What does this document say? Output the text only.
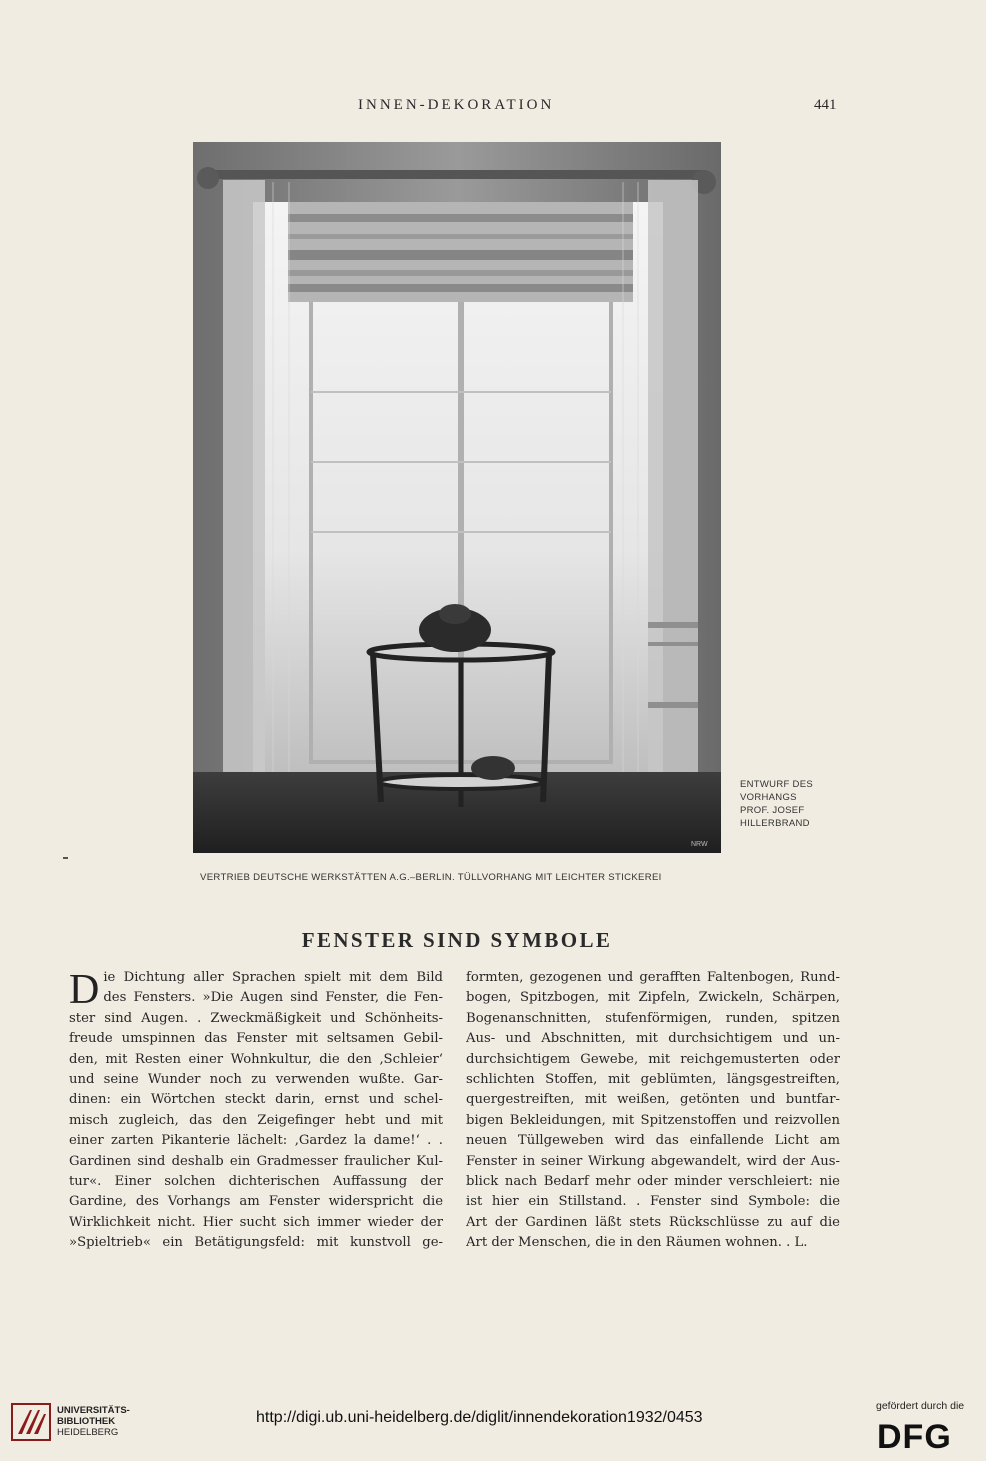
INNEN-DEKORATION	441
NRW
ENTWURF DES
VORHANGS
PROF. JOSEF
HILLERBRAND
VERTRIEB DEUTSCHE WERKSTÄTTEN A.G.–BERLIN. TÜLLVORHANG MIT LEICHTER STICKEREI
FENSTER SIND SYMBOLE
D ie Dichtung aller Sprachen spielt mit dem Bild
des Fensters. »Die Augen sind Fenster, die Fen-
ster sind Augen. . Zweckmäßigkeit und Schönheits-
freude umspinnen das Fenster mit seltsamen Gebil-
den, mit Resten einer Wohnkultur, die den ‚Schleier‘
und seine Wunder noch zu verwenden wußte. Gar-
dinen: ein Wörtchen steckt darin, ernst und schel-
misch zugleich, das den Zeigefinger hebt und mit
einer zarten Pikanterie lächelt: ‚Gardez la dame!‘ . .
Gardinen sind deshalb ein Gradmesser fraulicher Kul-
tur«. Einer solchen dichterischen Auffassung der
Gardine, des Vorhangs am Fenster widerspricht die
Wirklichkeit nicht. Hier sucht sich immer wieder der
»Spieltrieb« ein Betätigungsfeld: mit kunstvoll ge-
formten, gezogenen und gerafften Faltenbogen, Rund-
bogen, Spitzbogen, mit Zipfeln, Zwickeln, Schärpen,
Bogenanschnitten, stufenförmigen, runden, spitzen
Aus- und Abschnitten, mit durchsichtigem und un-
durchsichtigem Gewebe, mit reichgemusterten oder
schlichten Stoffen, mit geblümten, längsgestreiften,
quergestreiften, mit weißen, getönten und buntfar-
bigen Bekleidungen, mit Spitzenstoffen und reizvollen
neuen Tüllgeweben wird das einfallende Licht am
Fenster in seiner Wirkung abgewandelt, wird der Aus-
blick nach Bedarf mehr oder minder verschleiert: nie
ist hier ein Stillstand. . Fenster sind Symbole: die
Art der Gardinen läßt stets Rückschlüsse zu auf die
Art der Menschen, die in den Räumen wohnen. . L.
UNIVERSITÄTS-
BIBLIOTHEK
HEIDELBERG
http://digi.ub.uni-heidelberg.de/diglit/innendekoration1932/0453
gefördert durch die
DFG
